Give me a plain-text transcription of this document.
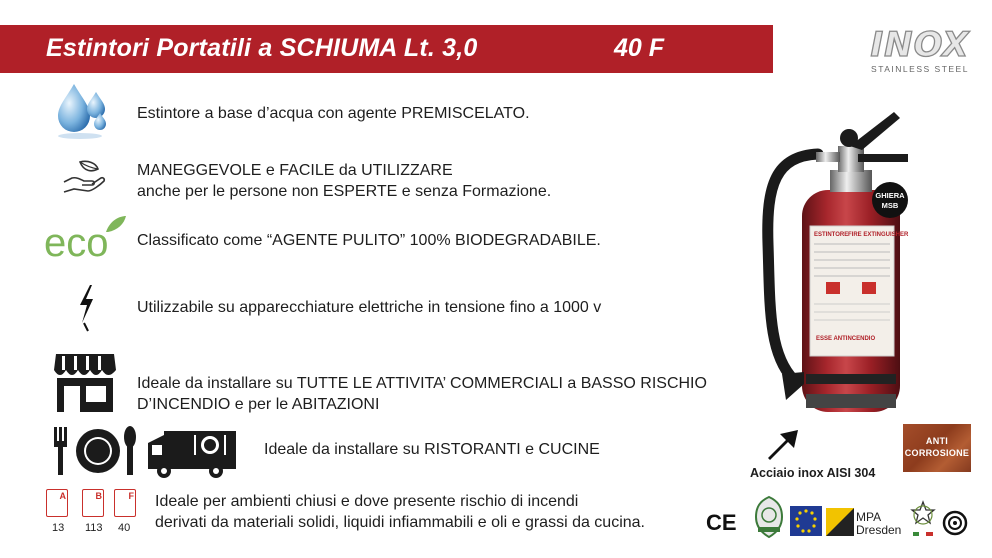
Estintori Portatili a SCHIUMA Lt. 3,0	40 F	INOX
STAINLESS STEEL
Estintore a base d’acqua con agente PREMISCELATO.
MANEGGEVOLE e FACILE da UTILIZZARE
anche per le persone non ESPERTE e senza Formazione.
eco Classificato come “AGENTE PULITO” 100% BIODEGRADABILE.
Utilizzabile su apparecchiature elettriche in tensione fino a 1000 v
Ideale da installare su TUTTE LE ATTIVITA’ COMMERCIALI a BASSO RISCHIO
D’INCENDIO e per le ABITAZIONI
Ideale da installare su RISTORANTI e CUCINE
A	B	F
13 113 40
Ideale per ambienti chiusi e dove presente rischio di incendi
derivati da materiali solidi, liquidi infiammabili e oli e grassi da cucina.
GHIERA
MSB
ESTINTORE FIRE EXTINGUISHER
ESSE ANTINCENDIO
Acciaio inox AISI 304
ANTI
CORROSIONE
CE	MPA
Dresden
